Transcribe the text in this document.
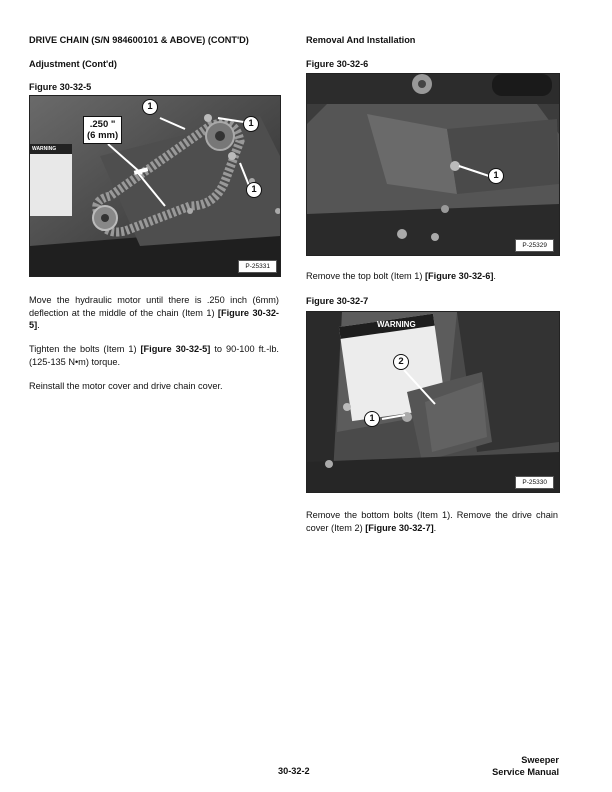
DRIVE CHAIN (S/N 984600101 & ABOVE) (CONT'D)
Adjustment (Cont'd)
Figure 30-32-5
WARNING
1
1
1
.250 "
(6 mm)
P-25331
Move the hydraulic motor until there is .250 inch (6mm) deflection at the middle of the chain (Item 1) [Figure 30-32-5].
Tighten the bolts (Item 1) [Figure 30-32-5] to 90-100 ft.-lb. (125-135 N•m) torque.
Reinstall the motor cover and drive chain cover.
Removal And Installation
Figure 30-32-6
1
P-25329
Remove the top bolt (Item 1) [Figure 30-32-6].
Figure 30-32-7
WARNING
2
1
P-25330
Remove the bottom bolts (Item 1). Remove the drive chain cover (Item 2) [Figure 30-32-7].
30-32-2
Sweeper
Service Manual
